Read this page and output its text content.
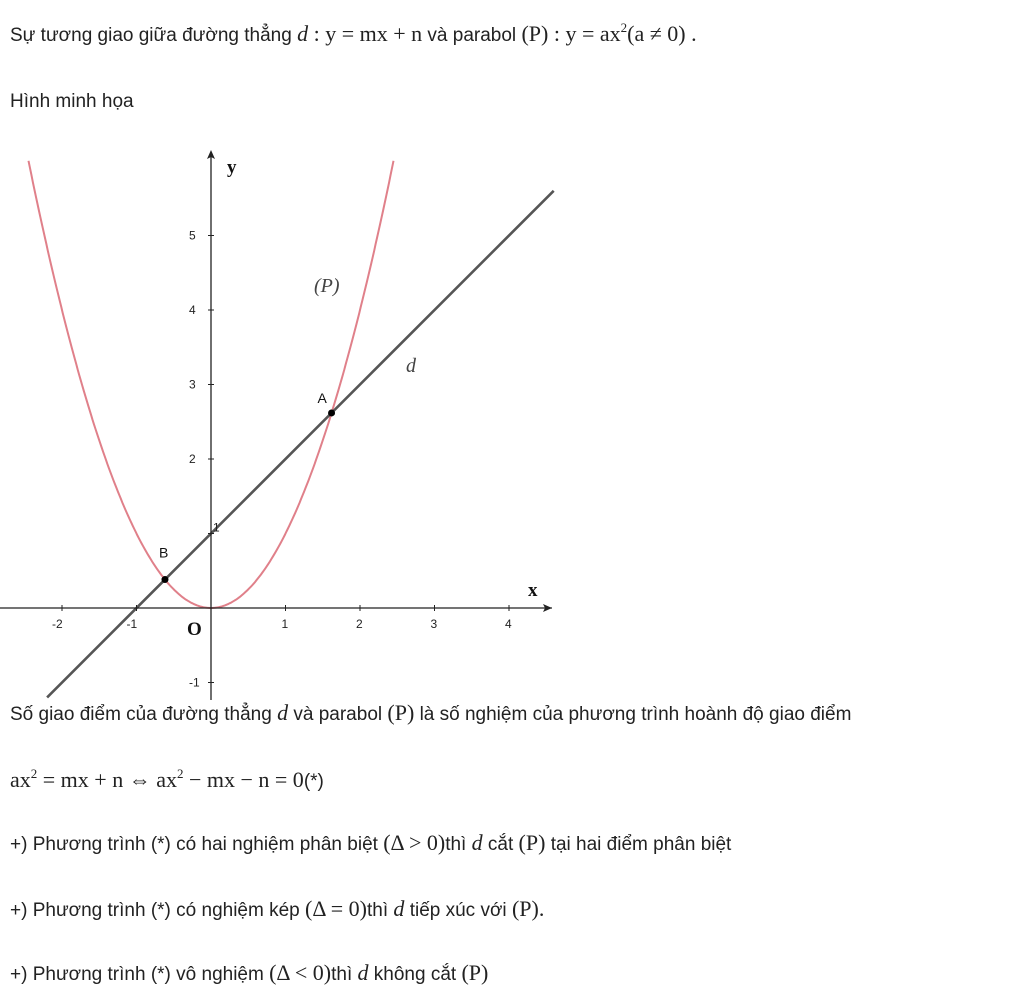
Sự tương giao giữa đường thẳng d : y = mx + n và parabol (P) : $y = ax^2(a \ne 0)$ .
Hình minh họa
-2	-1	1	2	3	4
-1
1
2
3
4
5
x
y
O
(P)
d
A
B
Số giao điểm của đường thẳng d và parabol (P) là số nghiệm của phương trình hoành độ giao điểm
$ax^2$ = mx + n ⇔ $ax^2$ − mx − n = 0(*)
+) Phương trình (*) có hai nghiệm phân biệt (Δ > 0)thì d cắt (P) tại hai điểm phân biệt
+) Phương trình (*) có nghiệm kép (Δ = 0)thì d tiếp xúc với (P).
+) Phương trình (*) vô nghiệm (Δ < 0)thì d không cắt (P)
